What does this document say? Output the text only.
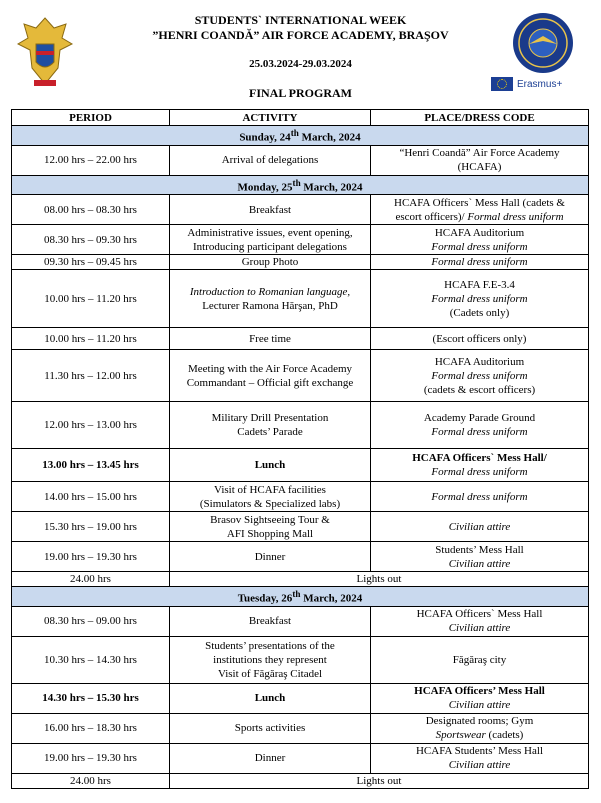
STUDENTS` INTERNATIONAL WEEK
”HENRI COANDĂ” AIR FORCE ACADEMY, BRAŞOV
25.03.2024-29.03.2024
FINAL PROGRAM
Erasmus+
PERIOD	ACTIVITY	PLACE/DRESS CODE
Sunday, 24th March, 2024		
12.00 hrs – 22.00 hrs	Arrival of delegations	“Henri Coandă” Air Force Academy
(HCAFA)

Monday, 25th March, 2024		
08.00 hrs – 08.30 hrs	Breakfast	HCAFA Officers` Mess Hall (cadets &
escort officers)/ Formal dress uniform

08.30 hrs – 09.30 hrs	Administrative issues, event opening,
Introducing participant delegations	HCAFA Auditorium
Formal dress uniform

09.30 hrs – 09.45 hrs	Group Photo	Formal dress uniform
10.00 hrs – 11.20 hrs	Introduction to Romanian language,
Lecturer Ramona Hărşan, PhD	HCAFA F.E-3.4
Formal dress uniform
(Cadets only)

10.00 hrs – 11.20 hrs	Free time	(Escort officers only)
11.30 hrs – 12.00 hrs	Meeting with the Air Force Academy
Commandant – Official gift exchange	HCAFA Auditorium
Formal dress uniform
(cadets & escort officers)

12.00 hrs – 13.00 hrs	Military Drill Presentation
Cadets’ Parade	Academy Parade Ground
Formal dress uniform

13.00 hrs – 13.45 hrs	Lunch	HCAFA Officers` Mess Hall/
Formal dress uniform

14.00 hrs – 15.00 hrs	Visit of HCAFA facilities
(Simulators & Specialized labs)	Formal dress uniform
15.30 hrs – 19.00 hrs	Brasov Sightseeing Tour &
AFI Shopping Mall	Civilian attire
19.00 hrs – 19.30 hrs	Dinner	Students’ Mess Hall
Civilian attire

24.00 hrs	Lights out	
Tuesday, 26th March, 2024		
08.30 hrs – 09.00 hrs	Breakfast	HCAFA Officers` Mess Hall
Civilian attire

10.30 hrs – 14.30 hrs	Students’ presentations of the
institutions they represent
Visit of Făgăraş Citadel	Făgăraş city
14.30 hrs – 15.30 hrs	Lunch	HCAFA Officers’ Mess Hall
Civilian attire

16.00 hrs – 18.30 hrs	Sports activities	Designated rooms; Gym
Sportswear (cadets)

19.00 hrs – 19.30 hrs	Dinner	HCAFA Students’ Mess Hall
Civilian attire

24.00 hrs	Lights out	
